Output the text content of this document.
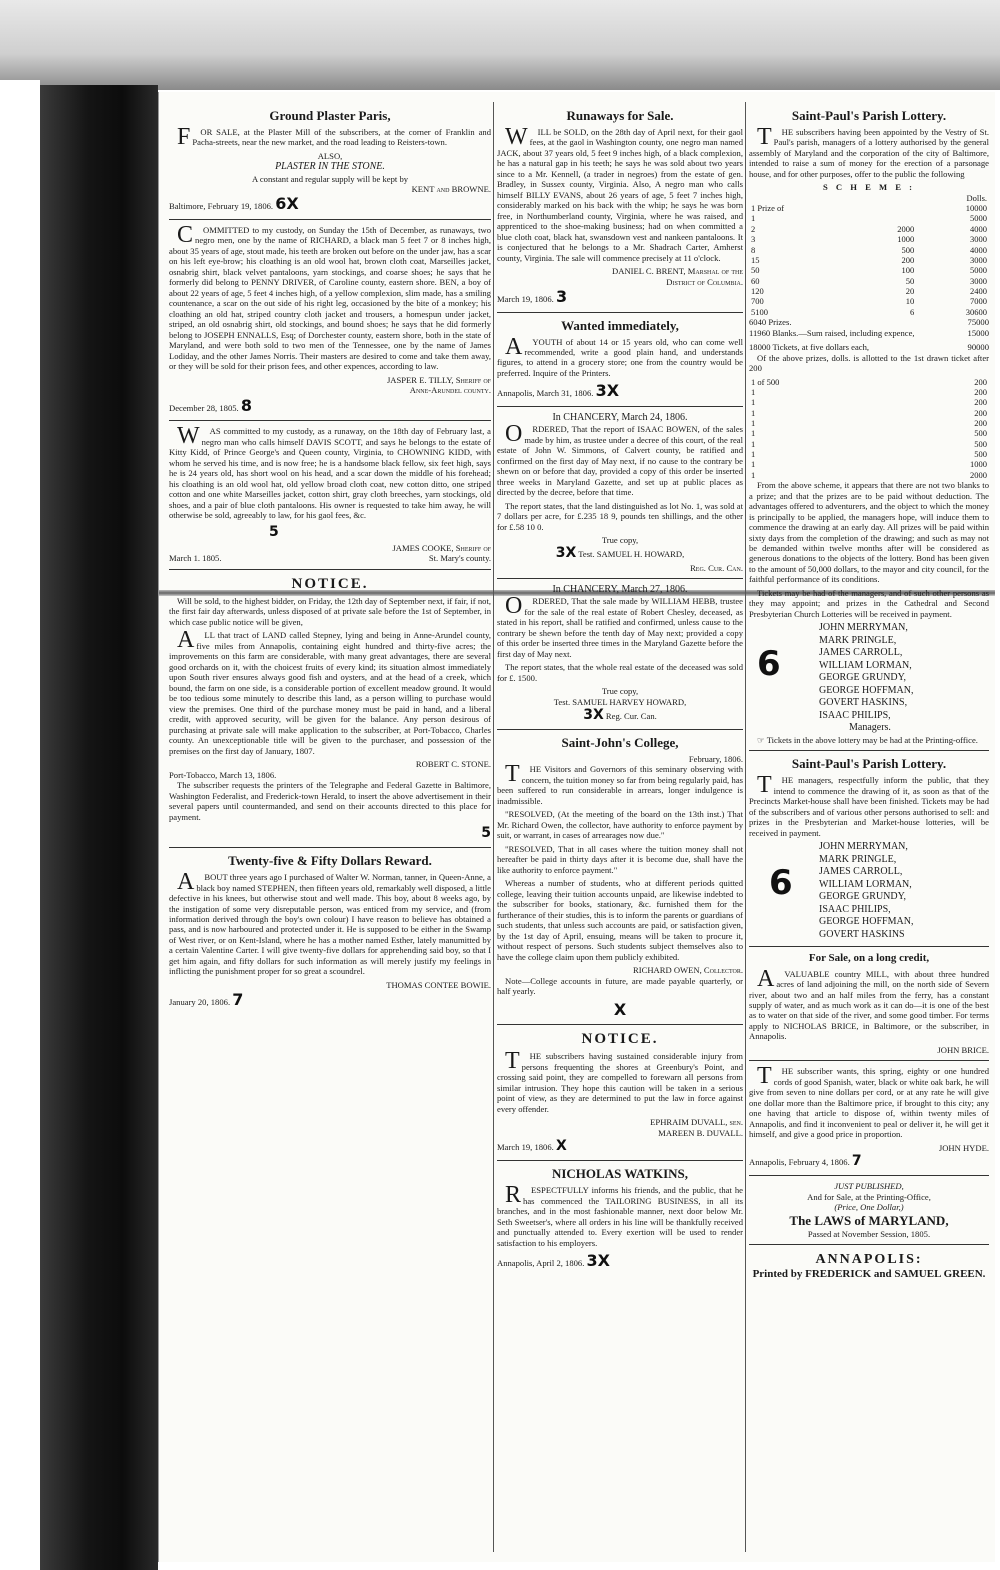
Ground Plaster Paris,

FOR SALE, at the Plaster Mill of the subscribers, at the corner of Franklin and Pacha-streets, near the new market, and the road leading to Reisters-town.

ALSO,
PLASTER IN THE STONE.
A constant and regular supply will be kept by
KENT and BROWNE.
Baltimore, February 19, 1806. 6X

COMMITTED to my custody, on Sunday the 15th of December, as runaways, two negro men, one by the name of RICHARD, a black man 5 feet 7 or 8 inches high, about 35 years of age, stout made, his teeth are broken out before on the under jaw, has a scar on his left eye-brow; his cloathing is an old wool hat, brown cloth coat, Marseilles jacket, osnabrig shirt, black velvet pantaloons, yarn stockings, and coarse shoes; he says that he formerly did belong to PENNY DRIVER, of Caroline county, eastern shore. BEN, a boy of about 22 years of age, 5 feet 4 inches high, of a yellow complexion, slim made, has a smiling countenance, a scar on the out side of his right leg, occasioned by the bite of a monkey; his cloathing an old hat, striped country cloth jacket and trousers, a homespun under jacket, striped, an old osnabrig shirt, old stockings, and bound shoes; he says that he did formerly belong to JOSEPH ENNALLS, Esq; of Dorchester county, eastern shore, both in the state of Maryland, and were both sold to two men of the Tennessee, one by the name of James Lodiday, and the other James Norris. Their masters are desired to come and take them away, or they will be sold for their prison fees, and other expences, according to law.

JASPER E. TILLY, Sheriff of
Anne-Arundel county.
December 28, 1805. 8

WAS committed to my custody, as a runaway, on the 18th day of February last, a negro man who calls himself DAVIS SCOTT, and says he belongs to the estate of Kitty Kidd, of Prince George's and Queen county, Virginia, to CHOWNING KIDD, with whom he served his time, and is now free; he is a handsome black fellow, six feet high, says he is 24 years old, has short wool on his head, and a scar down the middle of his forehead; his cloathing is an old wool hat, old yellow broad cloth coat, new cotton ditto, one striped cotton and one white Marseilles jacket, cotton shirt, gray cloth breeches, yarn stockings, old shoes, and a pair of blue cloth pantaloons. His owner is requested to take him away, he will otherwise be sold, agreeably to law, for his gaol fees, &c.

5
JAMES COOKE, Sheriff of
March 1. 1805.	St. Mary's county.
NOTICE.

Will be sold, to the highest bidder, on Friday, the 12th day of September next, if fair, if not, the first fair day afterwards, unless disposed of at private sale before the 1st of September, in which case public notice will be given,

ALL that tract of LAND called Stepney, lying and being in Anne-Arundel county, five miles from Annapolis, containing eight hundred and thirty-five acres; the improvements on this farm are considerable, with many great advantages, there are several good orchards on it, with the choicest fruits of every kind; its situation almost immediately upon South river ensures always good fish and oysters, and at the head of a creek, which bound, the farm on one side, is a considerable portion of excellent meadow ground. It would be too tedious some minutely to describe this land, as a person willing to purchase would view the premises. One third of the purchase money must be paid in hand, and a liberal credit, with approved security, will be given for the balance. Any person desirous of purchasing at private sale will make application to the subscriber, at Port-Tobacco, Charles county. An unexceptionable title will be given to the purchaser, and possession of the premises on the first day of January, 1807.

ROBERT C. STONE.
Port-Tobacco, March 13, 1806.

The subscriber requests the printers of the Telegraphe and Federal Gazette in Baltimore, Washington Federalist, and Frederick-town Herald, to insert the above advertisement in their several papers until countermanded, and send on their accounts directed to this place for payment.

5
Twenty-five & Fifty Dollars Reward.

ABOUT three years ago I purchased of Walter W. Norman, tanner, in Queen-Anne, a black boy named STEPHEN, then fifteen years old, remarkably well disposed, a little defective in his knees, but otherwise stout and well made. This boy, about 8 weeks ago, by the instigation of some very disreputable person, was enticed from my service, and (from information derived through the boy's own colour) I have reason to believe has obtained a pass, and is now harboured and protected under it. He is supposed to be either in the Swamp of West river, or on Kent-Island, where he has a mother named Esther, lately manumitted by a certain Valentine Carter. I will give twenty-five dollars for apprehending said boy, so that I get him again, and fifty dollars for such information as will merely justify my feelings in inflicting the punishment proper for so great a scoundrel.

THOMAS CONTEE BOWIE.
January 20, 1806. 7
Runaways for Sale.

WILL be SOLD, on the 28th day of April next, for their gaol fees, at the gaol in Washington county, one negro man named JACK, about 37 years old, 5 feet 9 inches high, of a black complexion, he has a natural gap in his teeth; he says he was sold about two years since to a Mr. Kennell, (a trader in negroes) from the estate of gen. Bradley, in Sussex county, Virginia. Also, A negro man who calls himself BILLY EVANS, about 26 years of age, 5 feet 7 inches high, considerably marked on his back with the whip; he says he was born free, in Northumberland county, Virginia, where he was raised, and apprenticed to the shoe-making business; had on when committed a blue cloth coat, black hat, swansdown vest and nankeen pantaloons. It is conjectured that he belongs to a Mr. Shadrach Carter, Amherst county, Virginia. The sale will commence precisely at 11 o'clock.

DANIEL C. BRENT, Marshal of the
District of Columbia.
March 19, 1806. 3
Wanted immediately,

AYOUTH of about 14 or 15 years old, who can come well recommended, write a good plain hand, and understands figures, to attend in a grocery store; one from the country would be preferred. Inquire of the Printers.

Annapolis, March 31, 1806. 3X
In CHANCERY, March 24, 1806.

ORDERED, That the report of ISAAC BOWEN, of the sales made by him, as trustee under a decree of this court, of the real estate of John W. Simmons, of Calvert county, be ratified and confirmed on the first day of May next, if no cause to the contrary be shewn on or before that day, provided a copy of this order be inserted three weeks in Maryland Gazette, and set up at public places as directed by the decree, before that time.

The report states, that the land distinguished as lot No. 1, was sold at 7 dollars per acre, for £.235 18 9, pounds ten shillings, and the other for £.58 10 0.

True copy,
3X Test. SAMUEL H. HOWARD,
Reg. Cur. Can.
In CHANCERY, March 27, 1806.

ORDERED, That the sale made by WILLIAM HEBB, trustee for the sale of the real estate of Robert Chesley, deceased, as stated in his report, shall be ratified and confirmed, unless cause to the contrary be shewn before the tenth day of May next; provided a copy of this order be inserted three times in the Maryland Gazette before the first day of May next.

The report states, that the whole real estate of the deceased was sold for £. 1500.

True copy,
Test. SAMUEL HARVEY HOWARD,
3X Reg. Cur. Can.
Saint-John's College,
February, 1806.

THE Visitors and Governors of this seminary observing with concern, the tuition money so far from being regularly paid, has been suffered to run considerable in arrears, longer indulgence is inadmissible.

"RESOLVED, (At the meeting of the board on the 13th inst.) That Mr. Richard Owen, the collector, have authority to enforce payment by suit, or warrant, in cases of arrearages now due."

"RESOLVED, That in all cases where the tuition money shall not hereafter be paid in thirty days after it is become due, shall have the like authority to enforce payment."

Whereas a number of students, who at different periods quitted college, leaving their tuition accounts unpaid, are likewise indebted to the subscriber for books, stationary, &c. furnished them for the furtherance of their studies, this is to inform the parents or guardians of such students, that unless such accounts are paid, or satisfaction given, by the 1st day of April, ensuing, means will be taken to procure it, without respect of persons. Such students subject themselves also to have the college claim upon them publicly exhibited.

RICHARD OWEN, Collector.

Note—College accounts in future, are made payable quarterly, or half yearly.

X
NOTICE.

THE subscribers having sustained considerable injury from persons frequenting the shores at Greenbury's Point, and crossing said point, they are compelled to forewarn all persons from similar intrusion. They hope this caution will be taken in a serious point of view, as they are determined to put the law in force against every offender.

EPHRAIM DUVALL, sen.
MAREEN B. DUVALL.
March 19, 1806. X
NICHOLAS WATKINS,

RESPECTFULLY informs his friends, and the public, that he has commenced the TAILORING BUSINESS, in all its branches, and in the most fashionable manner, next door below Mr. Seth Sweetser's, where all orders in his line will be thankfully received and punctually attended to. Every exertion will be used to render satisfaction to his employers.

Annapolis, April 2, 1806. 3X
Saint-Paul's Parish Lottery.

THE subscribers having been appointed by the Vestry of St. Paul's parish, managers of a lottery authorised by the general assembly of Maryland and the corporation of the city of Baltimore, intended to raise a sum of money for the erection of a parsonage house, and for other purposes, offer to the public the following

S C H E M E :
		Dolls.
1 Prize of		10000
1		5000
2	2000	4000
3	1000	3000
8	500	4000
15	200	3000
50	100	5000
60	50	3000
120	20	2400
700	10	7000
5100	6	30600
6040 Prizes.	75000
11960 Blanks.—Sum raised, including expence,	15000
18000 Tickets, at five dollars each,	90000

Of the above prizes, dolls. is allotted to the 1st drawn ticket after 200

1 of 500	200
1	200
1	200
1	200
1	200
1	500
1	500
1	500
1	1000
1	2000

From the above scheme, it appears that there are not two blanks to a prize; and that the prizes are to be paid without deduction. The advantages offered to adventurers, and the object to which the money is principally to be applied, the managers hope, will induce them to commence the drawing at an early day. All prizes will be paid within sixty days from the completion of the drawing; and such as may not be demanded within twelve months after will be considered as generous donations to the objects of the lottery. Bond has been given to the amount of 50,000 dollars, to the mayor and city council, for the faithful performance of its conditions.

Tickets may be had of the managers, and of such other persons as they may appoint; and prizes in the Cathedral and Second Presbyterian Church Lotteries will be received in payment.

6
JOHN MERRYMAN,
MARK PRINGLE,
JAMES CARROLL,
WILLIAM LORMAN,
GEORGE GRUNDY,
GEORGE HOFFMAN,
GOVERT HASKINS,
ISAAC PHILIPS,
Managers.

☞ Tickets in the above lottery may be had at the Printing-office.

Saint-Paul's Parish Lottery.

THE managers, respectfully inform the public, that they intend to commence the drawing of it, as soon as that of the Precincts Market-house shall have been finished. Tickets may be had of the subscribers and of various other persons authorised to sell: and prizes in the Presbyterian and Market-house lotteries, will be received in payment.

6
JOHN MERRYMAN,
MARK PRINGLE,
JAMES CARROLL,
WILLIAM LORMAN,
GEORGE GRUNDY,
ISAAC PHILIPS,
GEORGE HOFFMAN,
GOVERT HASKINS
For Sale, on a long credit,

AVALUABLE country MILL, with about three hundred acres of land adjoining the mill, on the north side of Severn river, about two and an half miles from the ferry, has a constant supply of water, and as much work as it can do—it is one of the best as to water on that side of the river, and some good timber. For terms apply to NICHOLAS BRICE, in Baltimore, or the subscriber, in Annapolis.

JOHN BRICE.

THE subscriber wants, this spring, eighty or one hundred cords of good Spanish, water, black or white oak bark, he will give from seven to nine dollars per cord, or at any rate he will give one dollar more than the Baltimore price, if brought to this city; any one having that article to dispose of, within twenty miles of Annapolis, and find it inconvenient to peal or deliver it, he will get it himself, and give a good price in proportion.

JOHN HYDE.
Annapolis, February 4, 1806. 7
JUST PUBLISHED,
And for Sale, at the Printing-Office,
(Price, One Dollar,)
The LAWS of MARYLAND,
Passed at November Session, 1805.
ANNAPOLIS:
Printed by FREDERICK and SAMUEL GREEN.
